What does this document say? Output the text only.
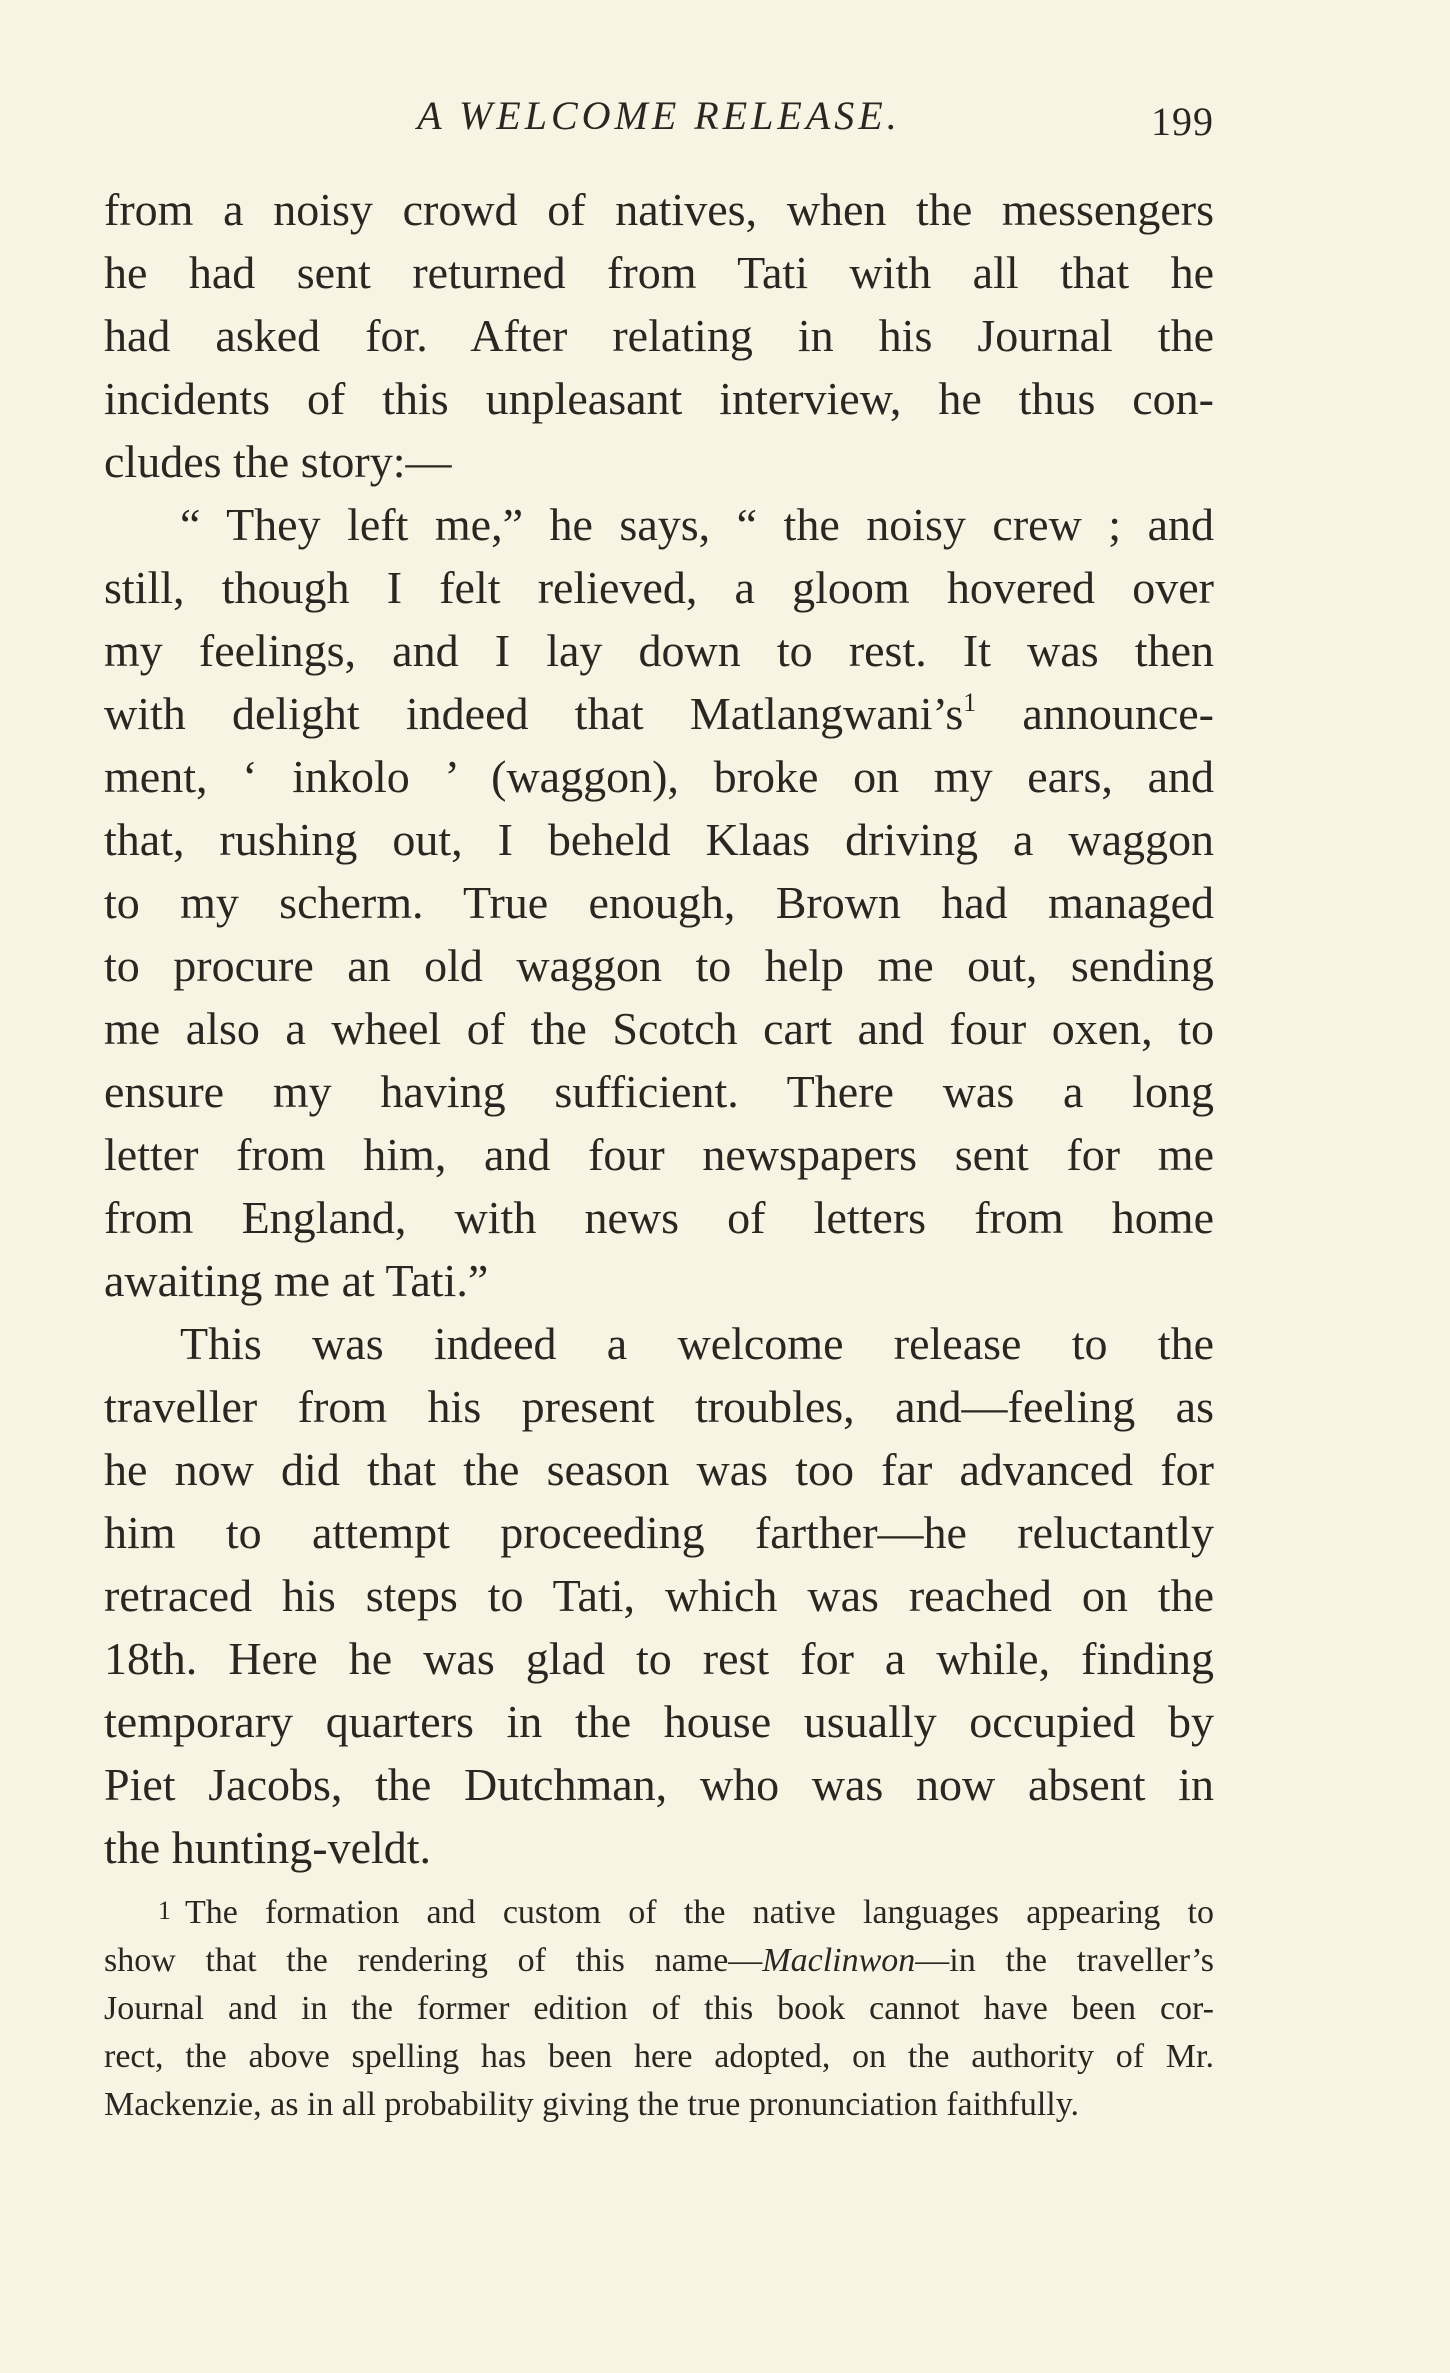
A WELCOME RELEASE.	199
from a noisy crowd of natives, when the messengers
he had sent returned from Tati with all that he
had asked for. After relating in his Journal the
incidents of this unpleasant interview, he thus con-
cludes the story:—
“ They left me,” he says, “ the noisy crew ; and
still, though I felt relieved, a gloom hovered over
my feelings, and I lay down to rest. It was then
with delight indeed that $Matlangwani’s^1$ announce-
ment, ‘ inkolo ’ (waggon), broke on my ears, and
that, rushing out, I beheld Klaas driving a waggon
to my scherm. True enough, Brown had managed
to procure an old waggon to help me out, sending
me also a wheel of the Scotch cart and four oxen, to
ensure my having sufficient. There was a long
letter from him, and four newspapers sent for me
from England, with news of letters from home
awaiting me at Tati.”
This was indeed a welcome release to the
traveller from his present troubles, and—feeling as
he now did that the season was too far advanced for
him to attempt proceeding farther—he reluctantly
retraced his steps to Tati, which was reached on the
18th. Here he was glad to rest for a while, finding
temporary quarters in the house usually occupied by
Piet Jacobs, the Dutchman, who was now absent in
the hunting-veldt.
1 The formation and custom of the native languages appearing to
show that the rendering of this name—Maclinwon—in the traveller’s
Journal and in the former edition of this book cannot have been cor-
rect, the above spelling has been here adopted, on the authority of Mr.
Mackenzie, as in all probability giving the true pronunciation faithfully.
